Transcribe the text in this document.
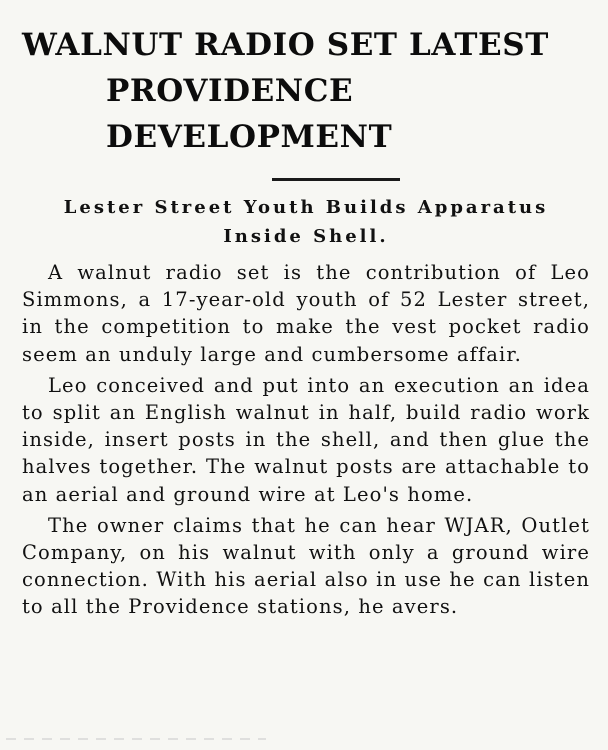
WALNUT RADIO SET LATEST
PROVIDENCE DEVELOPMENT
Lester Street Youth Builds Apparatus Inside Shell.

A walnut radio set is the contribution of Leo Simmons, a 17-year-old youth of 52 Lester street, in the competition to make the vest pocket radio seem an unduly large and cumbersome affair.

Leo conceived and put into an execution an idea to split an English walnut in half, build radio work inside, insert posts in the shell, and then glue the halves together. The walnut posts are attachable to an aerial and ground wire at Leo's home.

The owner claims that he can hear WJAR, Outlet Company, on his walnut with only a ground wire connection. With his aerial also in use he can listen to all the Providence stations, he avers.
